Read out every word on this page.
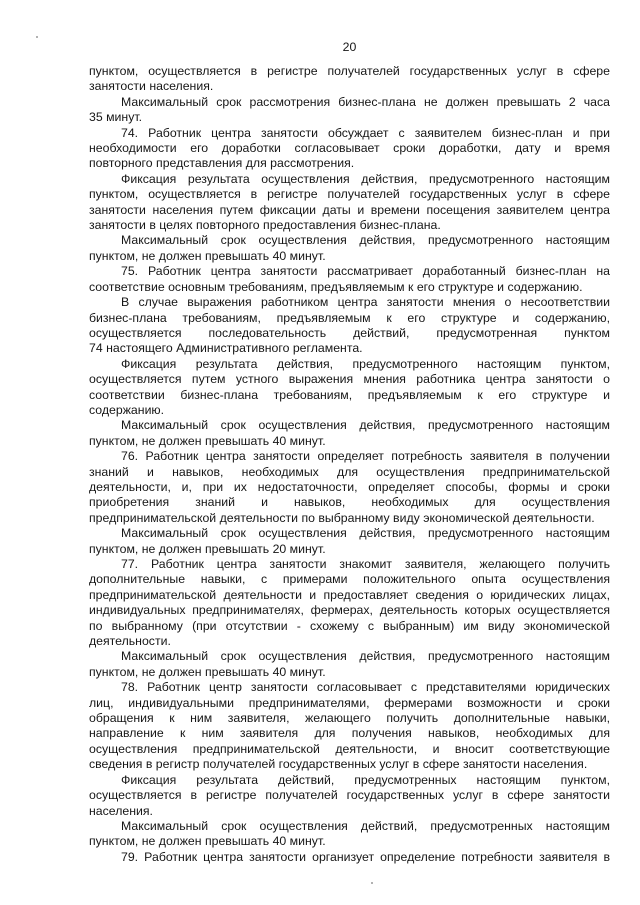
20
пунктом, осуществляется в регистре получателей государственных услуг в сфере
занятости населения.
Максимальный срок рассмотрения бизнес-плана не должен превышать 2 часа
35 минут.
74. Работник центра занятости обсуждает с заявителем бизнес-план и при
необходимости его доработки согласовывает сроки доработки, дату и время
повторного представления для рассмотрения.
Фиксация результата осуществления действия, предусмотренного настоящим
пунктом, осуществляется в регистре получателей государственных услуг в сфере
занятости населения путем фиксации даты и времени посещения заявителем центра
занятости в целях повторного предоставления бизнес-плана.
Максимальный срок осуществления действия, предусмотренного настоящим
пунктом, не должен превышать 40 минут.
75. Работник центра занятости рассматривает доработанный бизнес-план на
соответствие основным требованиям, предъявляемым к его структуре и содержанию.
В случае выражения работником центра занятости мнения о несоответствии
бизнес-плана требованиям, предъявляемым к его структуре и содержанию,
осуществляется последовательность действий, предусмотренная пунктом
74 настоящего Административного регламента.
Фиксация результата действия, предусмотренного настоящим пунктом,
осуществляется путем устного выражения мнения работника центра занятости о
соответствии бизнес-плана требованиям, предъявляемым к его структуре и
содержанию.
Максимальный срок осуществления действия, предусмотренного настоящим
пунктом, не должен превышать 40 минут.
76. Работник центра занятости определяет потребность заявителя в получении
знаний и навыков, необходимых для осуществления предпринимательской
деятельности, и, при их недостаточности, определяет способы, формы и сроки
приобретения знаний и навыков, необходимых для осуществления
предпринимательской деятельности по выбранному виду экономической деятельности.
Максимальный срок осуществления действия, предусмотренного настоящим
пунктом, не должен превышать 20 минут.
77. Работник центра занятости знакомит заявителя, желающего получить
дополнительные навыки, с примерами положительного опыта осуществления
предпринимательской деятельности и предоставляет сведения о юридических лицах,
индивидуальных предпринимателях, фермерах, деятельность которых осуществляется
по выбранному (при отсутствии - схожему с выбранным) им виду экономической
деятельности.
Максимальный срок осуществления действия, предусмотренного настоящим
пунктом, не должен превышать 40 минут.
78. Работник центр занятости согласовывает с представителями юридических
лиц, индивидуальными предпринимателями, фермерами возможности и сроки
обращения к ним заявителя, желающего получить дополнительные навыки,
направление к ним заявителя для получения навыков, необходимых для
осуществления предпринимательской деятельности, и вносит соответствующие
сведения в регистр получателей государственных услуг в сфере занятости населения.
Фиксация результата действий, предусмотренных настоящим пунктом,
осуществляется в регистре получателей государственных услуг в сфере занятости
населения.
Максимальный срок осуществления действий, предусмотренных настоящим
пунктом, не должен превышать 40 минут.
79. Работник центра занятости организует определение потребности заявителя в
